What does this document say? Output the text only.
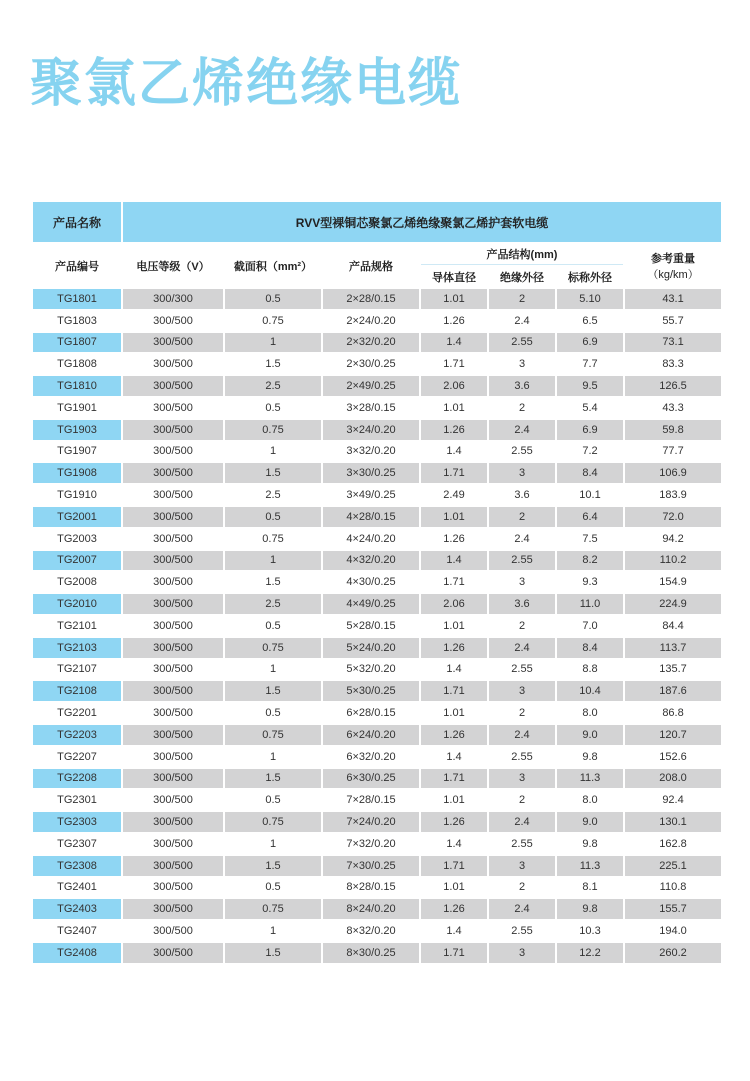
聚氯乙烯绝缘电缆
产品名称	RVV型裸铜芯聚氯乙烯绝缘聚氯乙烯护套软电缆						
产品编号	电压等级（V）	截面积（mm²）	产品规格	产品结构(mm)			参考重量
（kg/km）

				导体直径	绝缘外径	标称外径	
TG1801	300/300	0.5	2×28/0.15	1.01	2	5.10	43.1
TG1803	300/500	0.75	2×24/0.20	1.26	2.4	6.5	55.7
TG1807	300/500	1	2×32/0.20	1.4	2.55	6.9	73.1
TG1808	300/500	1.5	2×30/0.25	1.71	3	7.7	83.3
TG1810	300/500	2.5	2×49/0.25	2.06	3.6	9.5	126.5
TG1901	300/500	0.5	3×28/0.15	1.01	2	5.4	43.3
TG1903	300/500	0.75	3×24/0.20	1.26	2.4	6.9	59.8
TG1907	300/500	1	3×32/0.20	1.4	2.55	7.2	77.7
TG1908	300/500	1.5	3×30/0.25	1.71	3	8.4	106.9
TG1910	300/500	2.5	3×49/0.25	2.49	3.6	10.1	183.9
TG2001	300/500	0.5	4×28/0.15	1.01	2	6.4	72.0
TG2003	300/500	0.75	4×24/0.20	1.26	2.4	7.5	94.2
TG2007	300/500	1	4×32/0.20	1.4	2.55	8.2	110.2
TG2008	300/500	1.5	4×30/0.25	1.71	3	9.3	154.9
TG2010	300/500	2.5	4×49/0.25	2.06	3.6	11.0	224.9
TG2101	300/500	0.5	5×28/0.15	1.01	2	7.0	84.4
TG2103	300/500	0.75	5×24/0.20	1.26	2.4	8.4	113.7
TG2107	300/500	1	5×32/0.20	1.4	2.55	8.8	135.7
TG2108	300/500	1.5	5×30/0.25	1.71	3	10.4	187.6
TG2201	300/500	0.5	6×28/0.15	1.01	2	8.0	86.8
TG2203	300/500	0.75	6×24/0.20	1.26	2.4	9.0	120.7
TG2207	300/500	1	6×32/0.20	1.4	2.55	9.8	152.6
TG2208	300/500	1.5	6×30/0.25	1.71	3	11.3	208.0
TG2301	300/500	0.5	7×28/0.15	1.01	2	8.0	92.4
TG2303	300/500	0.75	7×24/0.20	1.26	2.4	9.0	130.1
TG2307	300/500	1	7×32/0.20	1.4	2.55	9.8	162.8
TG2308	300/500	1.5	7×30/0.25	1.71	3	11.3	225.1
TG2401	300/500	0.5	8×28/0.15	1.01	2	8.1	110.8
TG2403	300/500	0.75	8×24/0.20	1.26	2.4	9.8	155.7
TG2407	300/500	1	8×32/0.20	1.4	2.55	10.3	194.0
TG2408	300/500	1.5	8×30/0.25	1.71	3	12.2	260.2
